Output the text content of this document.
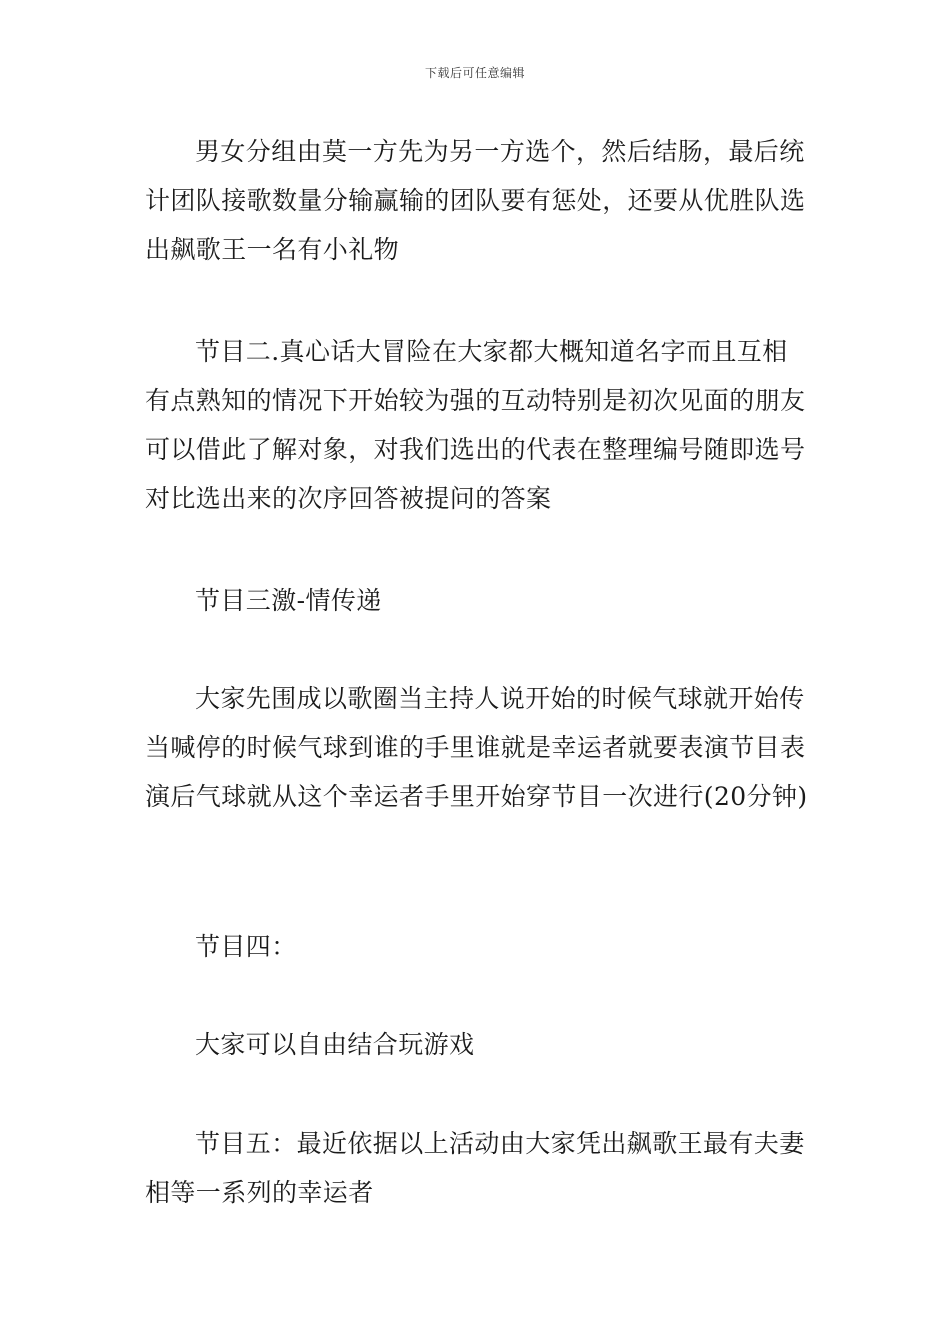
下载后可任意编辑

男女分组由莫一方先为另一方选个，然后结肠，最后统计团队接歌数量分输赢输的团队要有惩处，还要从优胜队选出飙歌王一名有小礼物

节目二.真心话大冒险在大家都大概知道名字而且互相有点熟知的情况下开始较为强的互动特别是初次见面的朋友可以借此了解对象，对我们选出的代表在整理编号随即选号对比选出来的次序回答被提问的答案

节目三激-情传递

大家先围成以歌圈当主持人说开始的时候气球就开始传当喊停的时候气球到谁的手里谁就是幸运者就要表演节目表演后气球就从这个幸运者手里开始穿节目一次进行(20分钟)

节目四：

大家可以自由结合玩游戏

节目五：最近依据以上活动由大家凭出飙歌王最有夫妻相等一系列的幸运者
